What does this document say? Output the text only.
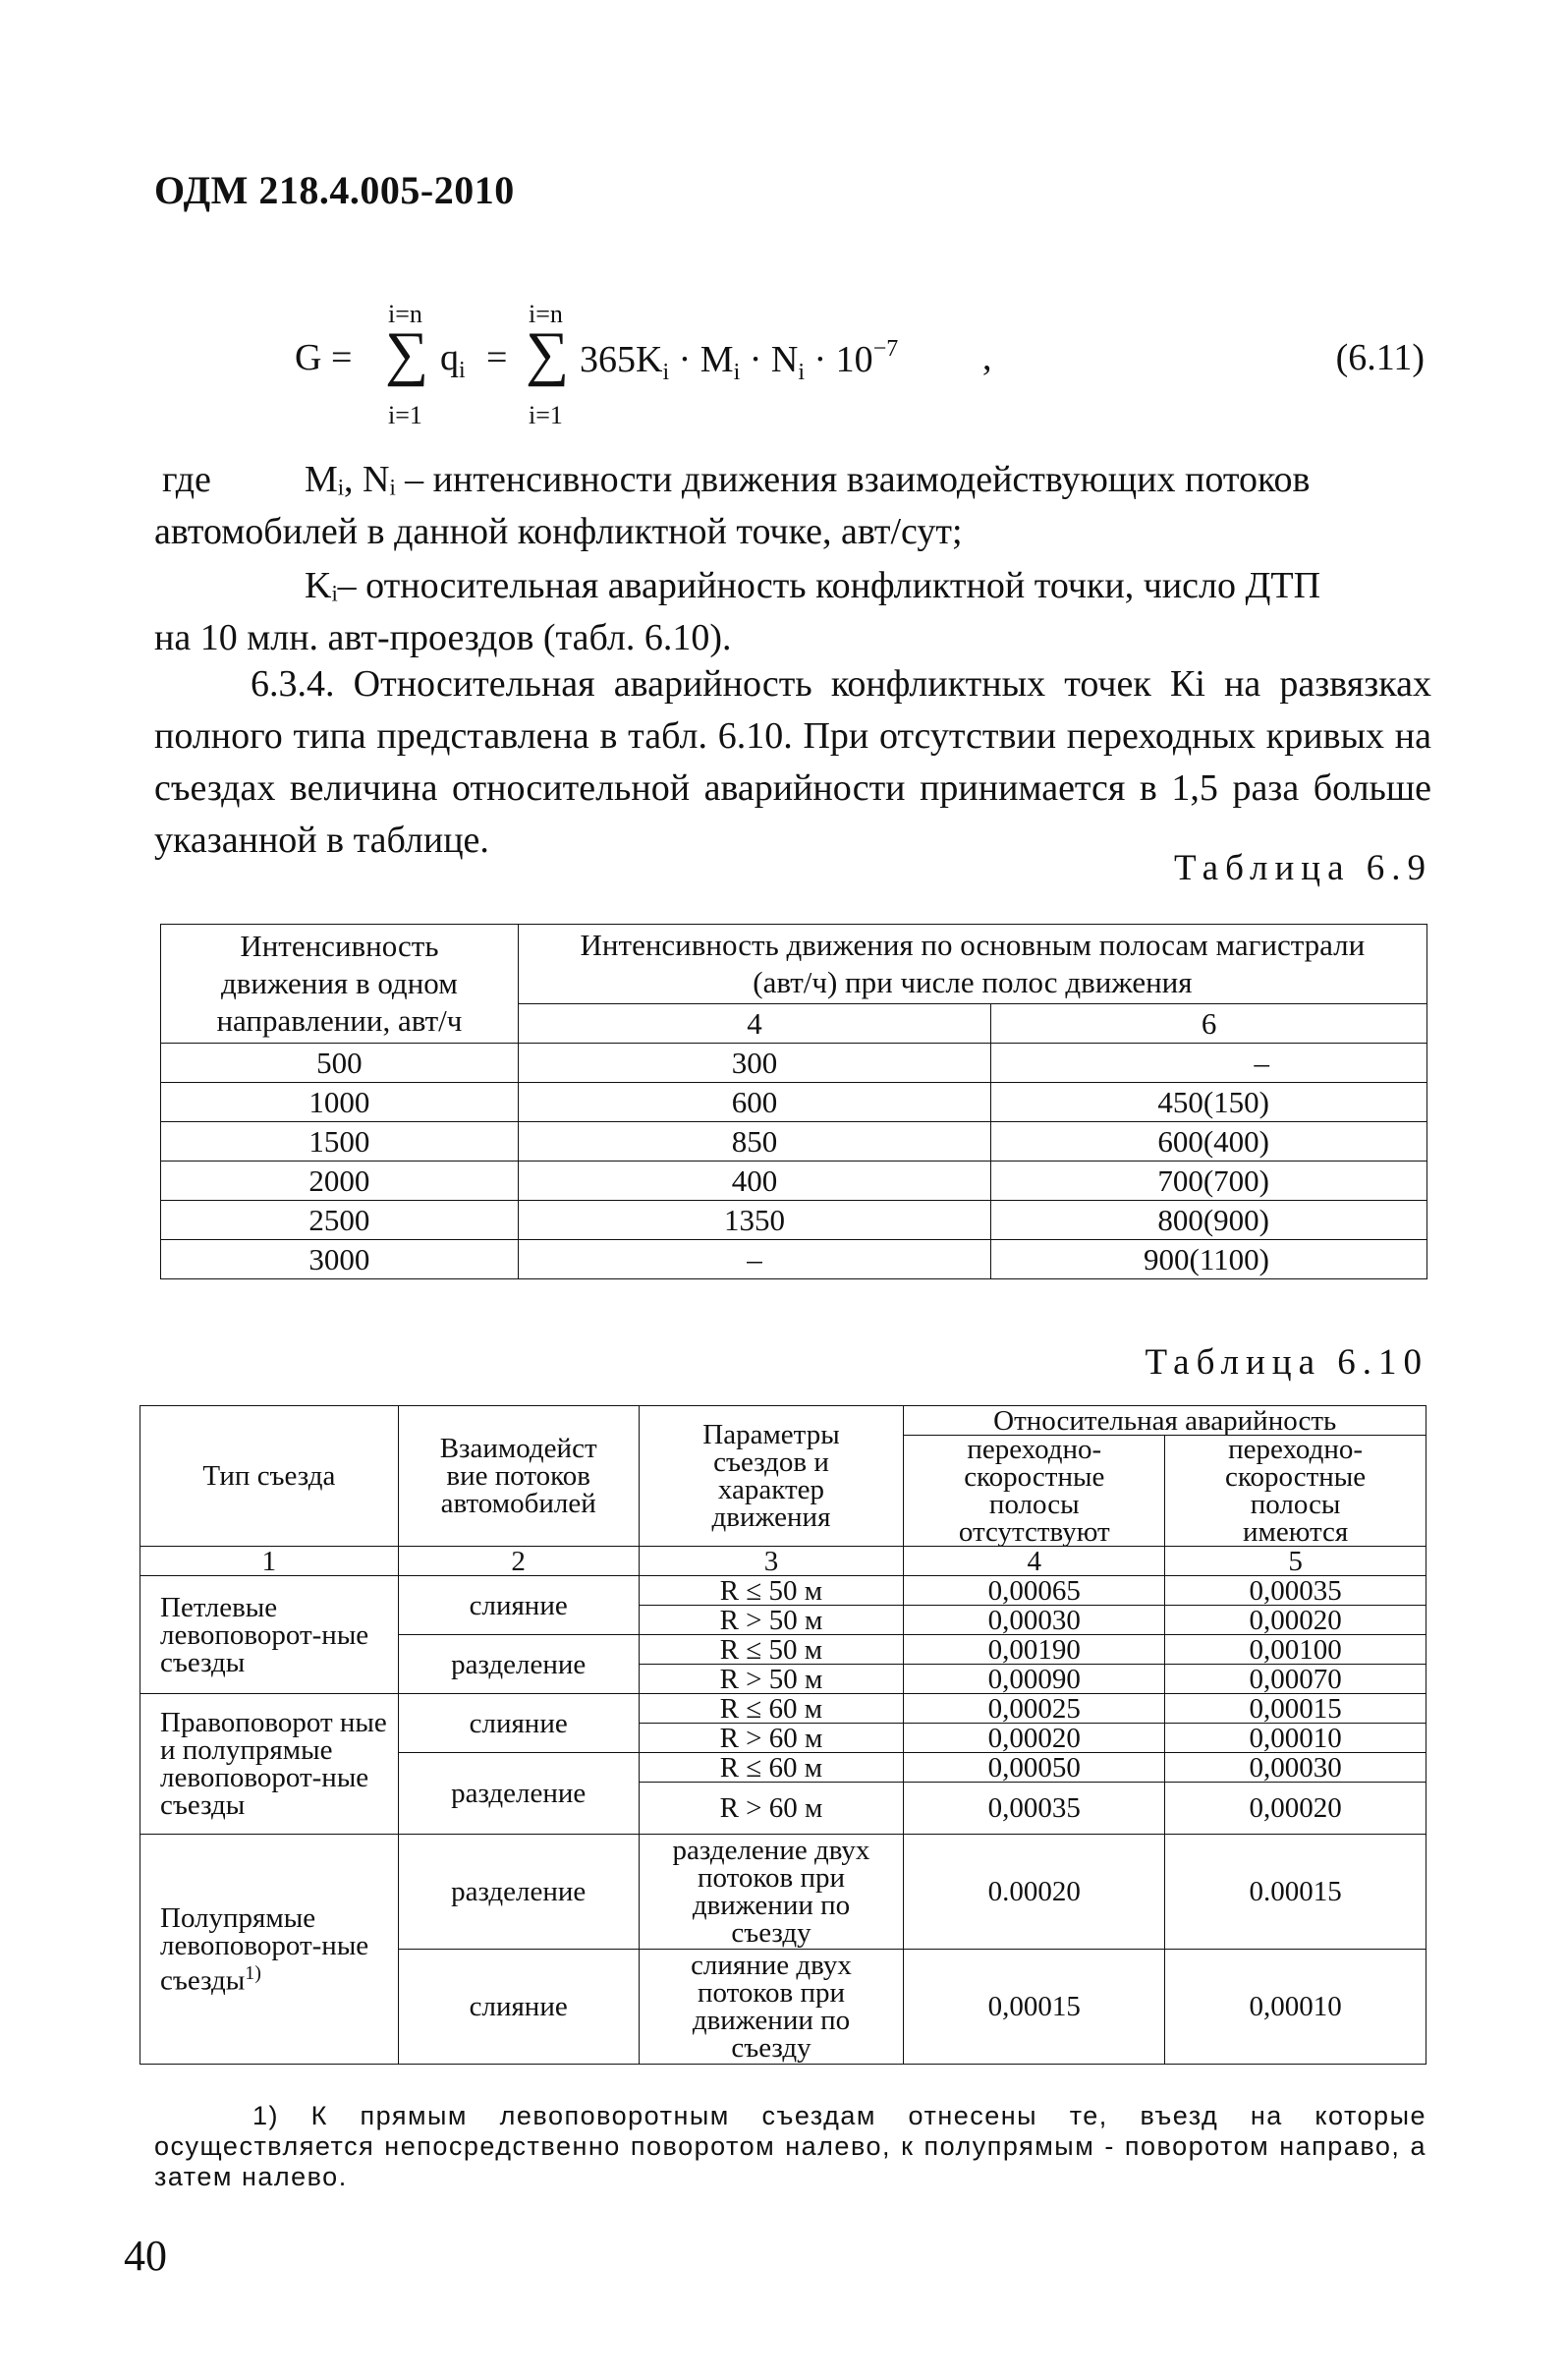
ОДМ 218.4.005-2010
G =
i=n
∑
i=1
$q_i$ =
i=n
∑
i=1
$365K_i \cdot M_i \cdot N_i \cdot 10^{-7}$ ,	(6.11)
где	Mᵢ, Nᵢ – интенсивности движения взаимодействующих потоков
автомобилей в данной конфликтной точке, авт/сут;
Kᵢ– относительная аварийность конфликтной точки, число ДТП
на 10 млн. авт-проездов (табл. 6.10).
6.3.4. Относительная аварийность конфликтных точек Кi на развязках полного типа представлена в табл. 6.10. При отсутствии переходных кривых на съездах величина относительной аварийности принимается в 1,5 раза больше указанной в таблице.
Таблица 6.9
Интенсивность движения в одном направлении, авт/ч	Интенсивность движения по основным полосам магистрали (авт/ч) при числе полос движения	
	4	6
500	300	–
1000	600	450(150)
1500	850	600(400)
2000	400	700(700)
2500	1350	800(900)
3000	–	900(1100)
Таблица 6.10
Тип съезда	Взаимодейст вие потоков автомобилей	Параметры съездов и характер движения	Относительная аварийность	
			переходно-скоростные полосы отсутствуют	переходно-скоростные полосы имеются
1	2	3	4	5
Петлевые левоповорот-ные съезды	слияние	R ≤ 50 м	0,00065	0,00035
		R > 50 м	0,00030	0,00020
	разделение	R ≤ 50 м	0,00190	0,00100
		R > 50 м	0,00090	0,00070
Правоповорот ные и полупрямые левоповорот-ные съезды	слияние	R ≤ 60 м	0,00025	0,00015
		R > 60 м	0,00020	0,00010
	разделение	R ≤ 60 м	0,00050	0,00030
		R > 60 м	0,00035	0,00020
Полупрямые левоповорот-ные съезды$^{1)}$	разделение	разделение двух потоков при движении по съезду	0.00020	0.00015
	слияние	слияние двух потоков при движении по съезду	0,00015	0,00010
1) К прямым левоповоротным съездам отнесены те, въезд на которые осуществляется непосредственно поворотом налево, к полупрямым - поворотом направо, а затем налево.
40
